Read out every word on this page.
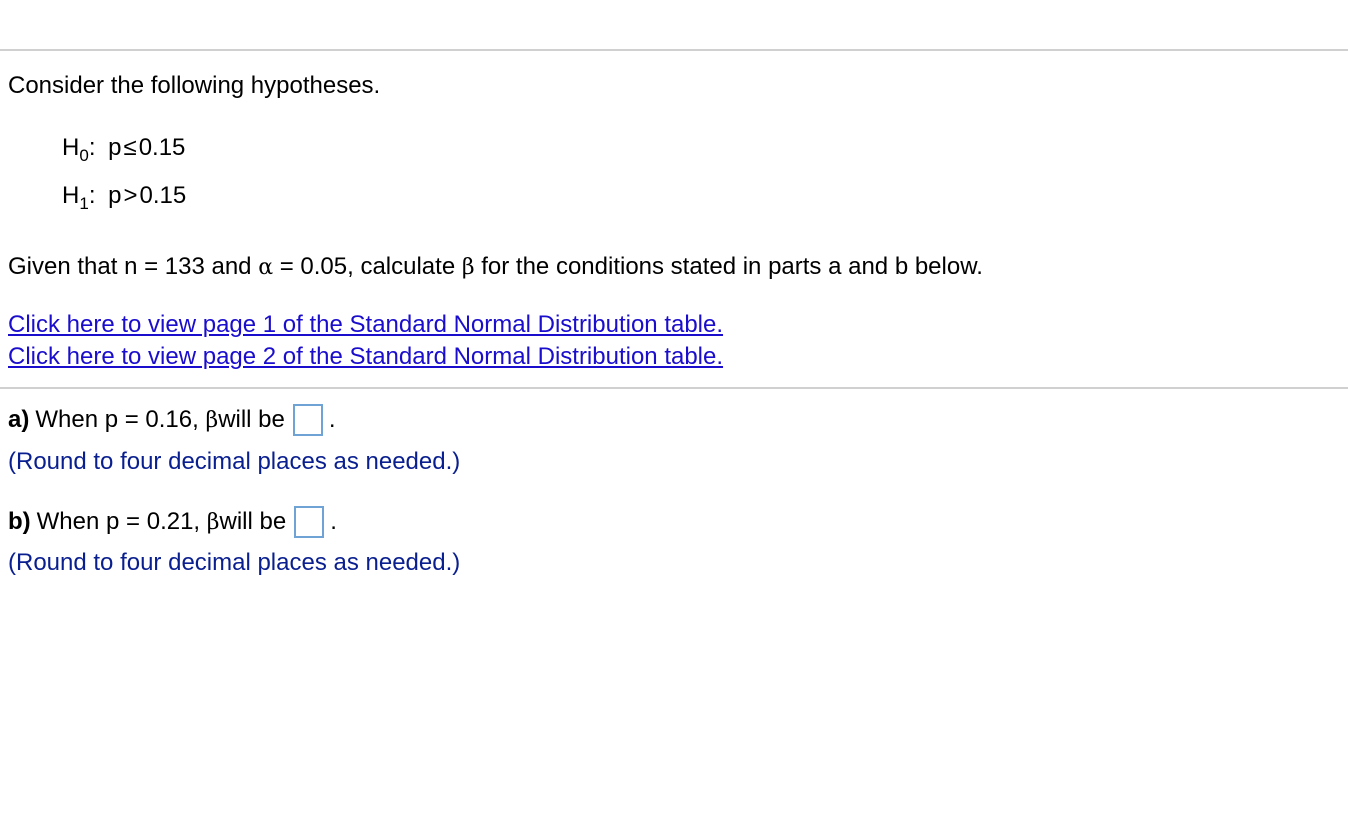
Consider the following hypotheses.
$H_0$: p≤0.15
$H_1$: p>0.15
Given that n = 133 and α = 0.05, calculate β for the conditions stated in parts a and b below.
Click here to view page 1 of the Standard Normal Distribution table.
Click here to view page 2 of the Standard Normal Distribution table.
a) When p = 0.16,
β will be .
(Round to four decimal places as needed.)
b) When p = 0.21,
β will be .
(Round to four decimal places as needed.)
